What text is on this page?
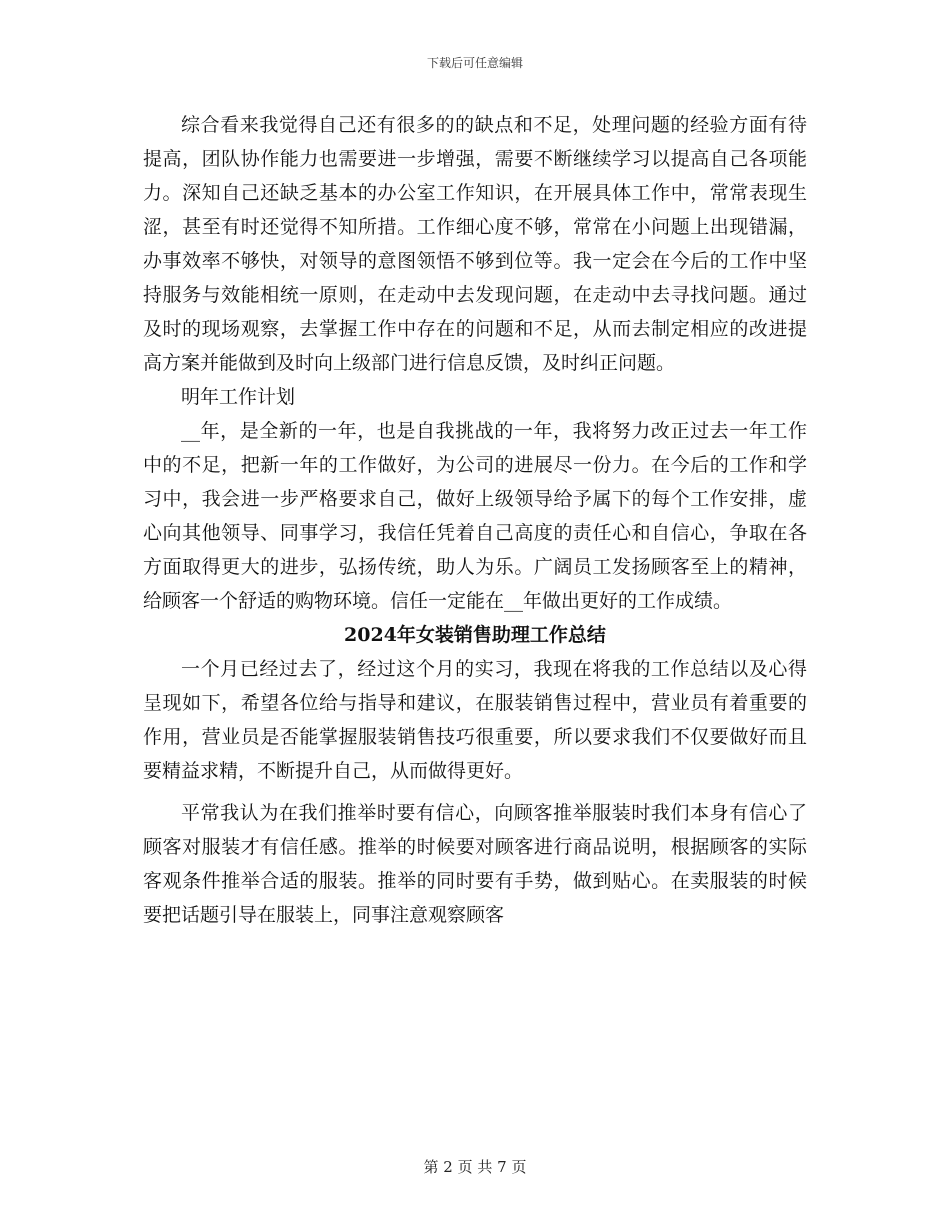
下载后可任意编辑

综合看来我觉得自己还有很多的的缺点和不足，处理问题的经验方面有待提高，团队协作能力也需要进一步增强，需要不断继续学习以提高自己各项能力。深知自己还缺乏基本的办公室工作知识，在开展具体工作中，常常表现生涩，甚至有时还觉得不知所措。工作细心度不够，常常在小问题上出现错漏，办事效率不够快，对领导的意图领悟不够到位等。我一定会在今后的工作中坚持服务与效能相统一原则，在走动中去发现问题，在走动中去寻找问题。通过及时的现场观察，去掌握工作中存在的问题和不足，从而去制定相应的改进提高方案并能做到及时向上级部门进行信息反馈，及时纠正问题。

明年工作计划

__年，是全新的一年，也是自我挑战的一年，我将努力改正过去一年工作中的不足，把新一年的工作做好，为公司的进展尽一份力。在今后的工作和学习中，我会进一步严格要求自己，做好上级领导给予属下的每个工作安排，虚心向其他领导、同事学习，我信任凭着自己高度的责任心和自信心，争取在各方面取得更大的进步，弘扬传统，助人为乐。广阔员工发扬顾客至上的精神，给顾客一个舒适的购物环境。信任一定能在__年做出更好的工作成绩。

2024年女装销售助理工作总结

一个月已经过去了，经过这个月的实习，我现在将我的工作总结以及心得呈现如下，希望各位给与指导和建议，在服装销售过程中，营业员有着重要的作用，营业员是否能掌握服装销售技巧很重要，所以要求我们不仅要做好而且要精益求精，不断提升自己，从而做得更好。

平常我认为在我们推举时要有信心，向顾客推举服装时我们本身有信心了顾客对服装才有信任感。推举的时候要对顾客进行商品说明，根据顾客的实际客观条件推举合适的服装。推举的同时要有手势，做到贴心。在卖服装的时候要把话题引导在服装上，同事注意观察顾客

第 2 页 共 7 页
